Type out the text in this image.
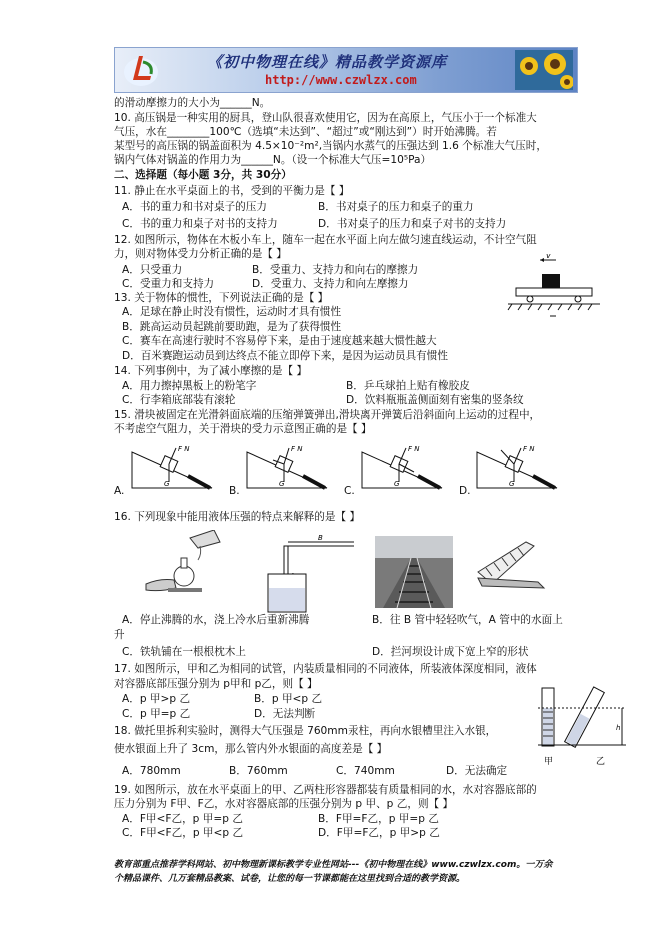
《初中物理在线》精品教学资源库
http://www.czwlzx.com
的滑动摩擦力的大小为______N。
10. 高压锅是一种实用的厨具，登山队很喜欢使用它，因为在高原上，气压小于一个标准大
气压，水在________100℃（选填“未达到”、“超过”或“刚达到”）时开始沸腾。若
某型号的高压锅的锅盖面积为 4.5×10⁻²m²,当锅内水蒸气的压强达到 1.6 个标准大气压时，
锅内气体对锅盖的作用力为______N。（设一个标准大气压=10⁵Pa）
二、选择题（每小题 3分，共 30分）
11. 静止在水平桌面上的书，受到的平衡力是【 】
A．书的重力和书对桌子的压力	B．书对桌子的压力和桌子的重力
C．书的重力和桌子对书的支持力	D．书对桌子的压力和桌子对书的支持力
12. 如图所示，物体在木板小车上，随车一起在水平面上向左做匀速直线运动，不计空气阻
力，则对物体受力分析正确的是【 】
A．只受重力	B．受重力、支持力和向右的摩擦力
C．受重力和支持力	D．受重力、支持力和向左摩擦力
13. 关于物体的惯性，下列说法正确的是【 】
A．足球在静止时没有惯性，运动时才具有惯性
B．跳高运动员起跳前要助跑，是为了获得惯性
C．赛车在高速行驶时不容易停下来，是由于速度越来越大惯性越大
D．百米赛跑运动员到达终点不能立即停下来，是因为运动员具有惯性
14. 下列事例中，为了减小摩擦的是【 】
A．用力擦掉黑板上的粉笔字	B．乒乓球拍上贴有橡胶皮
C．行李箱底部装有滚轮	D．饮料瓶瓶盖侧面刻有密集的竖条纹
15. 滑块被固定在光滑斜面底端的压缩弹簧弹出,滑块离开弹簧后沿斜面向上运动的过程中，
不考虑空气阻力，关于滑块的受力示意图正确的是【 】
v
A.	B.	C.	D.
F N
G
F N
G
F N
G
F N
G
16. 下列现象中能用液体压强的特点来解释的是【 】
B
A．停止沸腾的水，浇上冷水后重新沸腾	B．往 B 管中轻轻吹气，A 管中的水面上
升
C．铁轨铺在一根根枕木上	D．拦河坝设计成下宽上窄的形状
17. 如图所示，甲和乙为相同的试管，内装质量相同的不同液体，所装液体深度相同，液体
对容器底部压强分别为 p甲和 p乙，则【 】
A．p 甲>p 乙	B．p 甲<p 乙
C．p 甲=p 乙	D．无法判断
18. 做托里拆利实验时，测得大气压强是 760mm汞柱，再向水银槽里注入水银，
使水银面上升了 3cm，那么管内外水银面的高度差是【 】
A．780mm	B．760mm	C．740mm	D．无法确定
h
甲	乙
19. 如图所示，放在水平桌面上的甲、乙两柱形容器都装有质量相同的水，水对容器底部的
压力分别为 F甲、F乙，水对容器底部的压强分别为 p 甲、p 乙，则【 】
A．F甲<F乙，p 甲=p 乙	B．F甲=F乙，p 甲=p 乙
C．F甲<F乙，p 甲<p 乙	D．F甲=F乙，p 甲>p 乙
教育部重点推荐学科网站、初中物理新课标教学专业性网站---《初中物理在线》www.czwlzx.com。一万余
个精品课件、几万套精品教案、试卷，让您的每一节课都能在这里找到合适的教学资源。
